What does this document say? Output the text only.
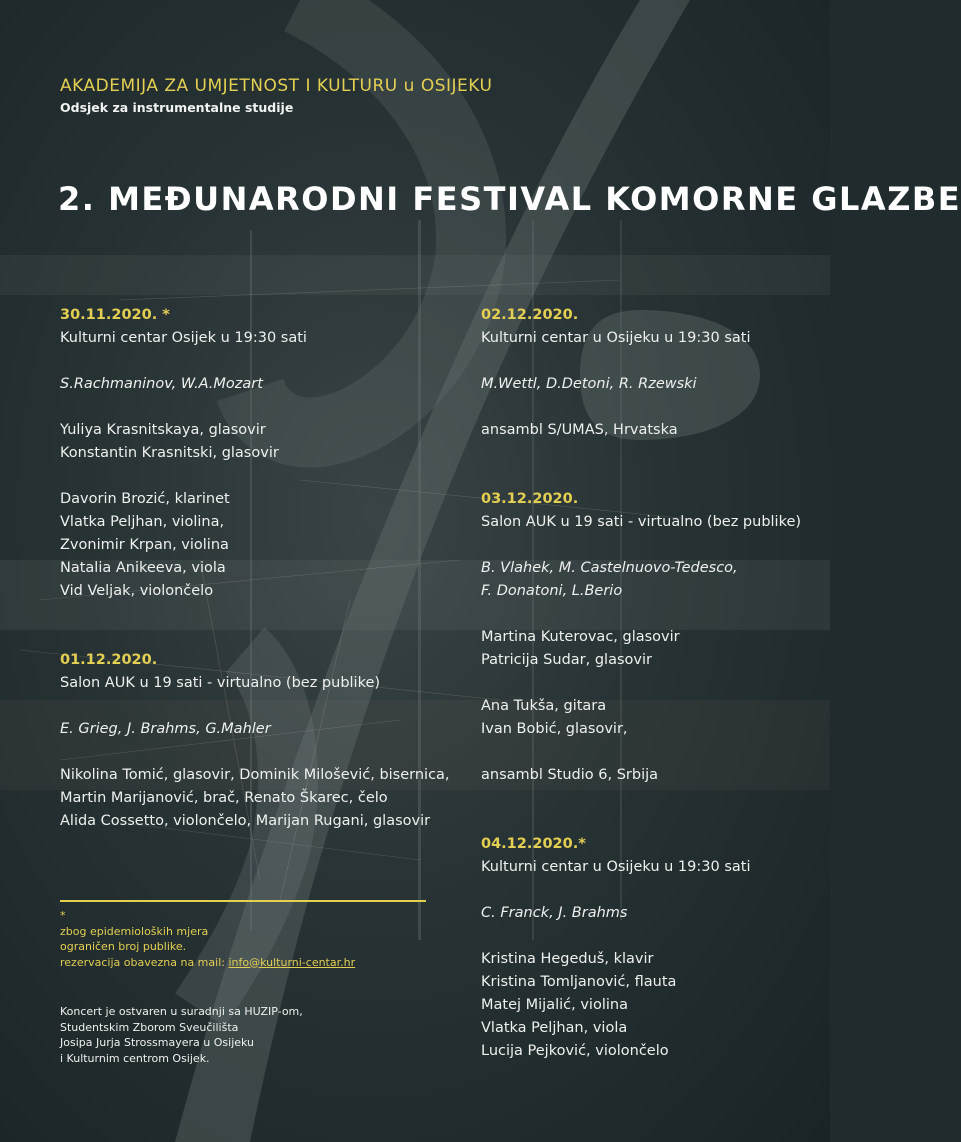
AKADEMIJA ZA UMJETNOST I KULTURU u OSIJEKU
Odsjek za instrumentalne studije
2. MEĐUNARODNI FESTIVAL KOMORNE GLAZBE
30.11.2020. *
Kulturni centar Osijek u 19:30 sati
S.Rachmaninov, W.A.Mozart
Yuliya Krasnitskaya, glasovir
Konstantin Krasnitski, glasovir
Davorin Brozić, klarinet
Vlatka Peljhan, violina,
Zvonimir Krpan, violina
Natalia Anikeeva, viola
Vid Veljak, violončelo
01.12.2020.
Salon AUK u 19 sati - virtualno (bez publike)
E. Grieg, J. Brahms, G.Mahler
Nikolina Tomić, glasovir, Dominik Milošević, bisernica,
Martin Marijanović, brač, Renato Škarec, čelo
Alida Cossetto, violončelo, Marijan Rugani, glasovir
02.12.2020.
Kulturni centar u Osijeku u 19:30 sati
M.Wettl, D.Detoni, R. Rzewski
ansambl S/UMAS, Hrvatska
03.12.2020.
Salon AUK u 19 sati - virtualno (bez publike)
B. Vlahek, M. Castelnuovo-Tedesco,
F. Donatoni, L.Berio
Martina Kuterovac, glasovir
Patricija Sudar, glasovir
Ana Tukša, gitara
Ivan Bobić, glasovir,
ansambl Studio 6, Srbija
04.12.2020.*
Kulturni centar u Osijeku u 19:30 sati
C. Franck, J. Brahms
Kristina Hegeduš, klavir
Kristina Tomljanović, flauta
Matej Mijalić, violina
Vlatka Peljhan, viola
Lucija Pejković, violončelo
*
zbog epidemioloških mjera
ograničen broj publike.
rezervacija obavezna na mail: info@kulturni-centar.hr
Koncert je ostvaren u suradnji sa HUZIP-om,
Studentskim Zborom Sveučilišta
Josipa Jurja Strossmayera u Osijeku
i Kulturnim centrom Osijek.
